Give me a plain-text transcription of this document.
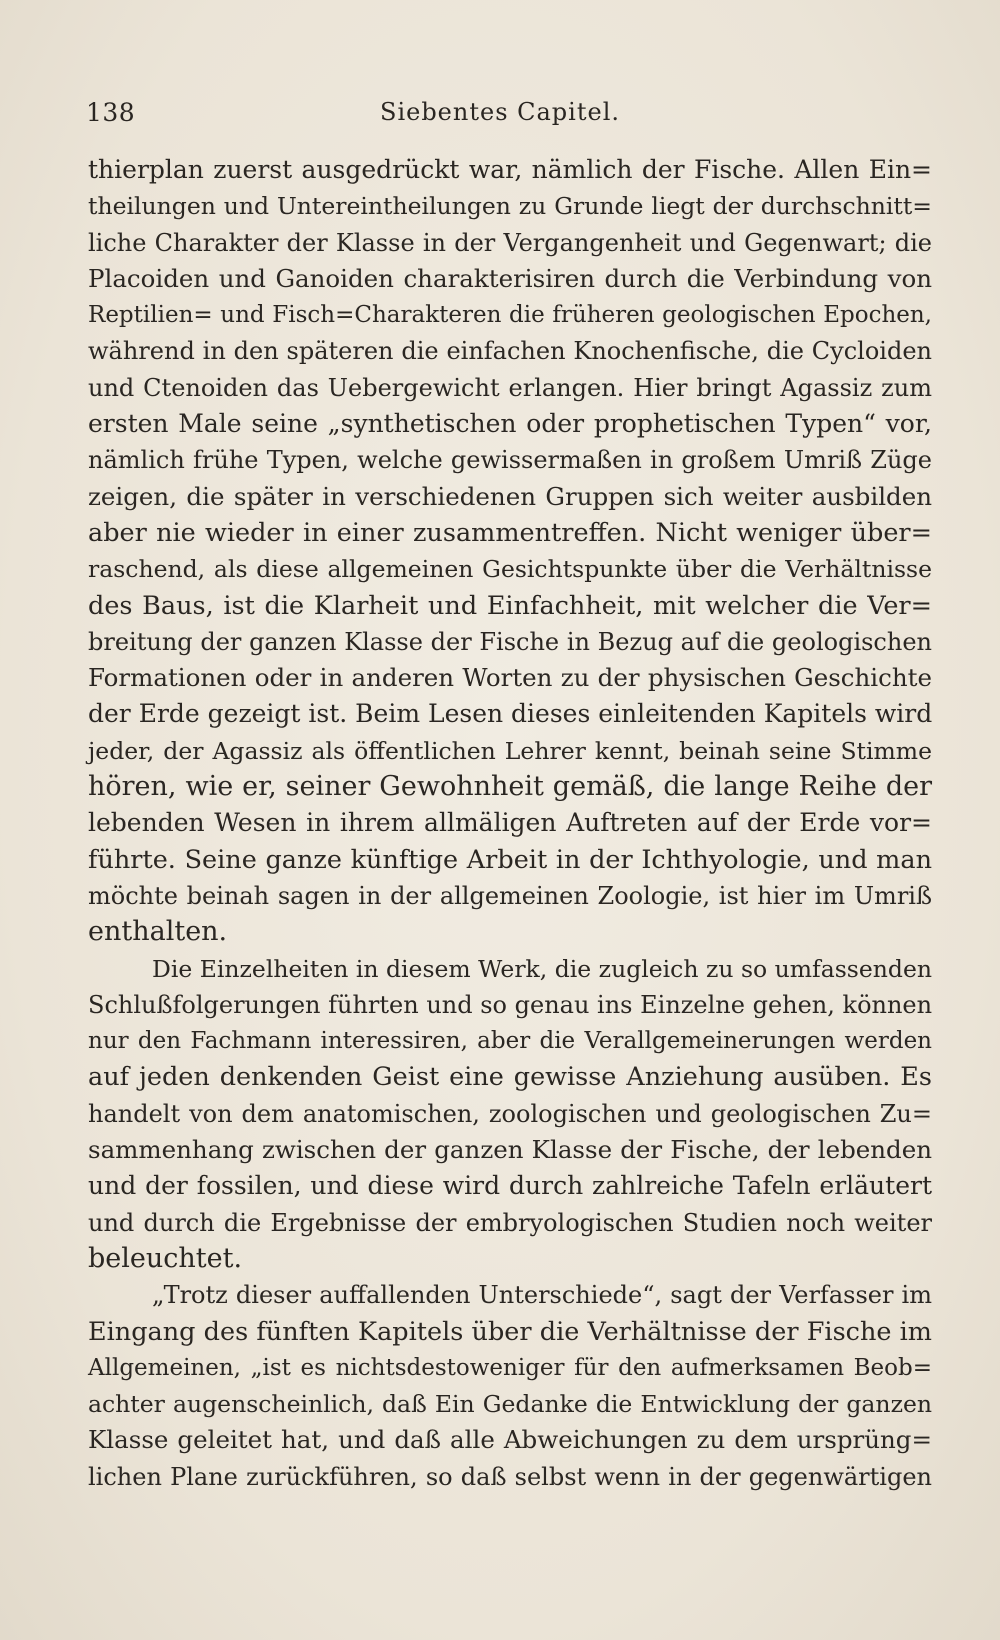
138	Siebentes Capitel.
thierplan zuerst ausgedrückt war, nämlich der Fische. Allen Ein=
theilungen und Untereintheilungen zu Grunde liegt der durchschnitt=
liche Charakter der Klasse in der Vergangenheit und Gegenwart; die
Placoiden und Ganoiden charakterisiren durch die Verbindung von
Reptilien= und Fisch=Charakteren die früheren geologischen Epochen,
während in den späteren die einfachen Knochenfische, die Cycloiden
und Ctenoiden das Uebergewicht erlangen. Hier bringt Agassiz zum
ersten Male seine „synthetischen oder prophetischen Typen“ vor,
nämlich frühe Typen, welche gewissermaßen in großem Umriß Züge
zeigen, die später in verschiedenen Gruppen sich weiter ausbilden
aber nie wieder in einer zusammentreffen. Nicht weniger über=
raschend, als diese allgemeinen Gesichtspunkte über die Verhältnisse
des Baus, ist die Klarheit und Einfachheit, mit welcher die Ver=
breitung der ganzen Klasse der Fische in Bezug auf die geologischen
Formationen oder in anderen Worten zu der physischen Geschichte
der Erde gezeigt ist. Beim Lesen dieses einleitenden Kapitels wird
jeder, der Agassiz als öffentlichen Lehrer kennt, beinah seine Stimme
hören, wie er, seiner Gewohnheit gemäß, die lange Reihe der
lebenden Wesen in ihrem allmäligen Auftreten auf der Erde vor=
führte. Seine ganze künftige Arbeit in der Ichthyologie, und man
möchte beinah sagen in der allgemeinen Zoologie, ist hier im Umriß
enthalten.
Die Einzelheiten in diesem Werk, die zugleich zu so umfassenden
Schlußfolgerungen führten und so genau ins Einzelne gehen, können
nur den Fachmann interessiren, aber die Verallgemeinerungen werden
auf jeden denkenden Geist eine gewisse Anziehung ausüben. Es
handelt von dem anatomischen, zoologischen und geologischen Zu=
sammenhang zwischen der ganzen Klasse der Fische, der lebenden
und der fossilen, und diese wird durch zahlreiche Tafeln erläutert
und durch die Ergebnisse der embryologischen Studien noch weiter
beleuchtet.
„Trotz dieser auffallenden Unterschiede“, sagt der Verfasser im
Eingang des fünften Kapitels über die Verhältnisse der Fische im
Allgemeinen, „ist es nichtsdestoweniger für den aufmerksamen Beob=
achter augenscheinlich, daß Ein Gedanke die Entwicklung der ganzen
Klasse geleitet hat, und daß alle Abweichungen zu dem ursprüng=
lichen Plane zurückführen, so daß selbst wenn in der gegenwärtigen
